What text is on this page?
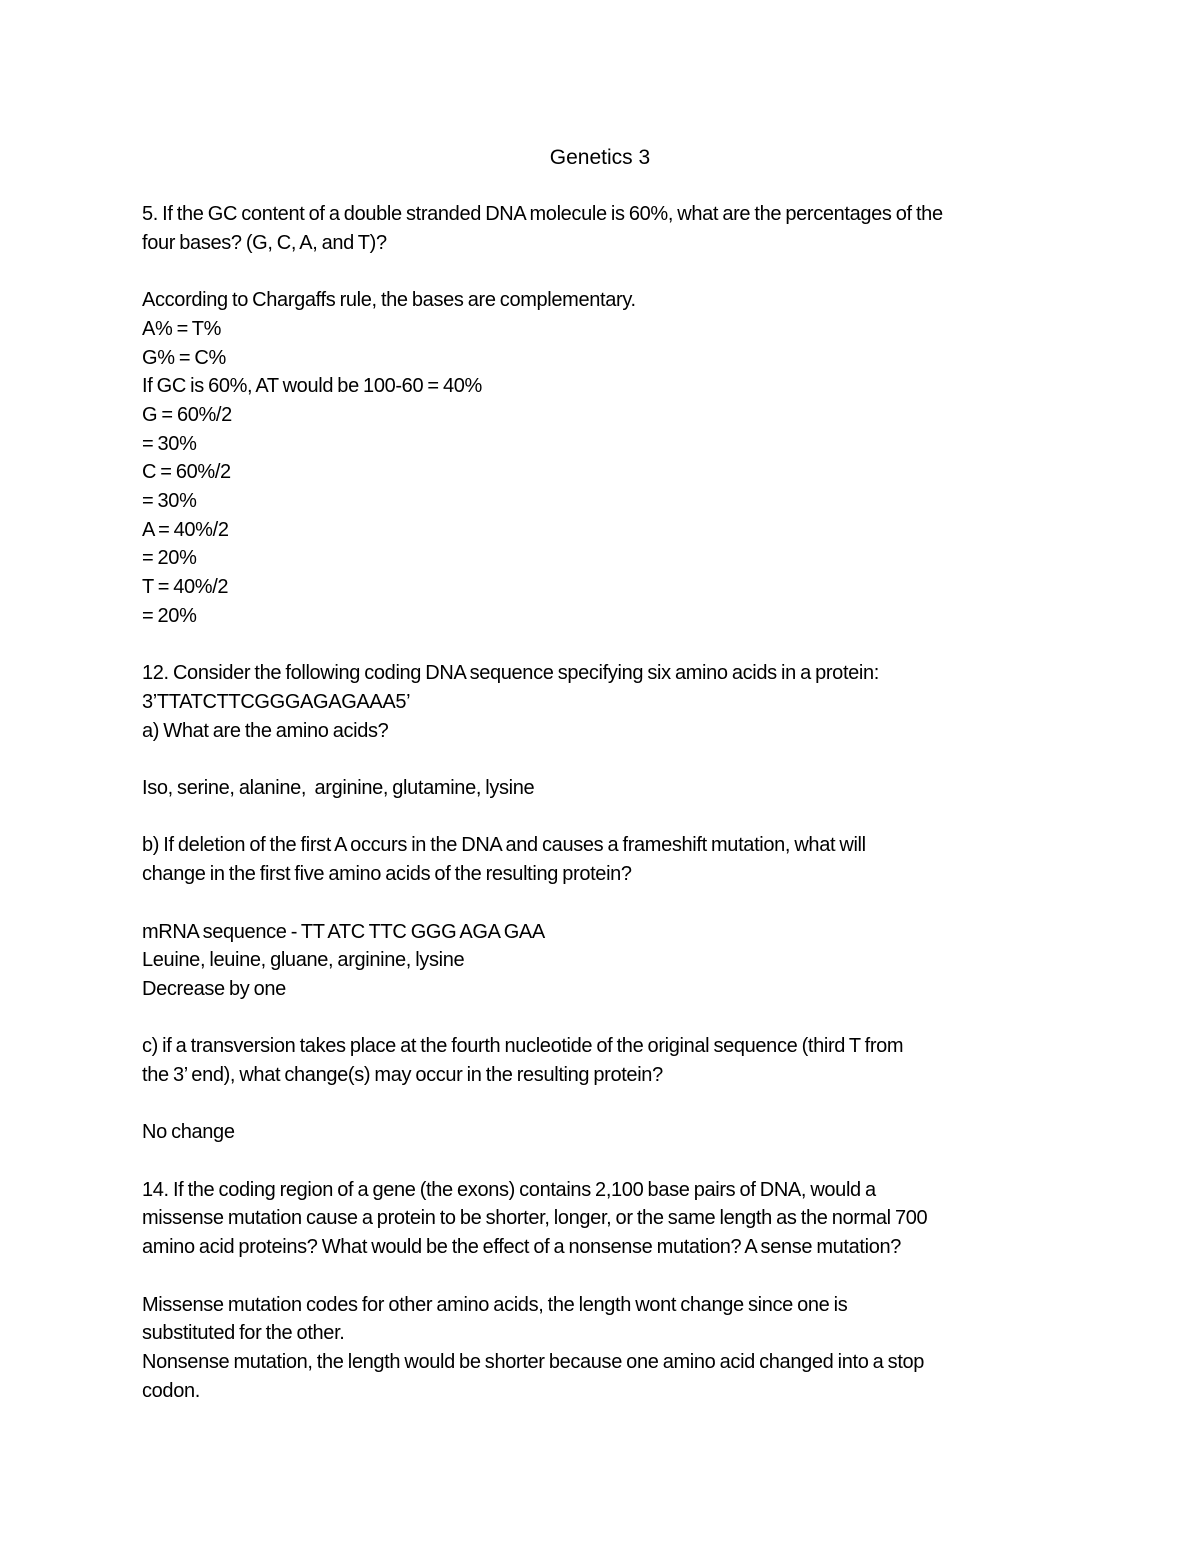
Genetics 3
5. If the GC content of a double stranded DNA molecule is 60%, what are the percentages of the
four bases? (G, C, A, and T)?
According to Chargaffs rule, the bases are complementary.
A% = T%
G% = C%
If GC is 60%, AT would be 100-60 = 40%
G = 60%/2
= 30%
C = 60%/2
= 30%
A = 40%/2
= 20%
T = 40%/2
= 20%
12. Consider the following coding DNA sequence specifying six amino acids in a protein:
3’TTATCTTCGGGAGAGAAA5’
a) What are the amino acids?
Iso, serine, alanine,  arginine, glutamine, lysine
b) If deletion of the first A occurs in the DNA and causes a frameshift mutation, what will
change in the first five amino acids of the resulting protein?
mRNA sequence - TT ATC TTC GGG AGA GAA
Leuine, leuine, gluane, arginine, lysine
Decrease by one
c) if a transversion takes place at the fourth nucleotide of the original sequence (third T from
the 3’ end), what change(s) may occur in the resulting protein?
No change
14. If the coding region of a gene (the exons) contains 2,100 base pairs of DNA, would a
missense mutation cause a protein to be shorter, longer, or the same length as the normal 700
amino acid proteins? What would be the effect of a nonsense mutation? A sense mutation?
Missense mutation codes for other amino acids, the length wont change since one is
substituted for the other.
Nonsense mutation, the length would be shorter because one amino acid changed into a stop
codon.
